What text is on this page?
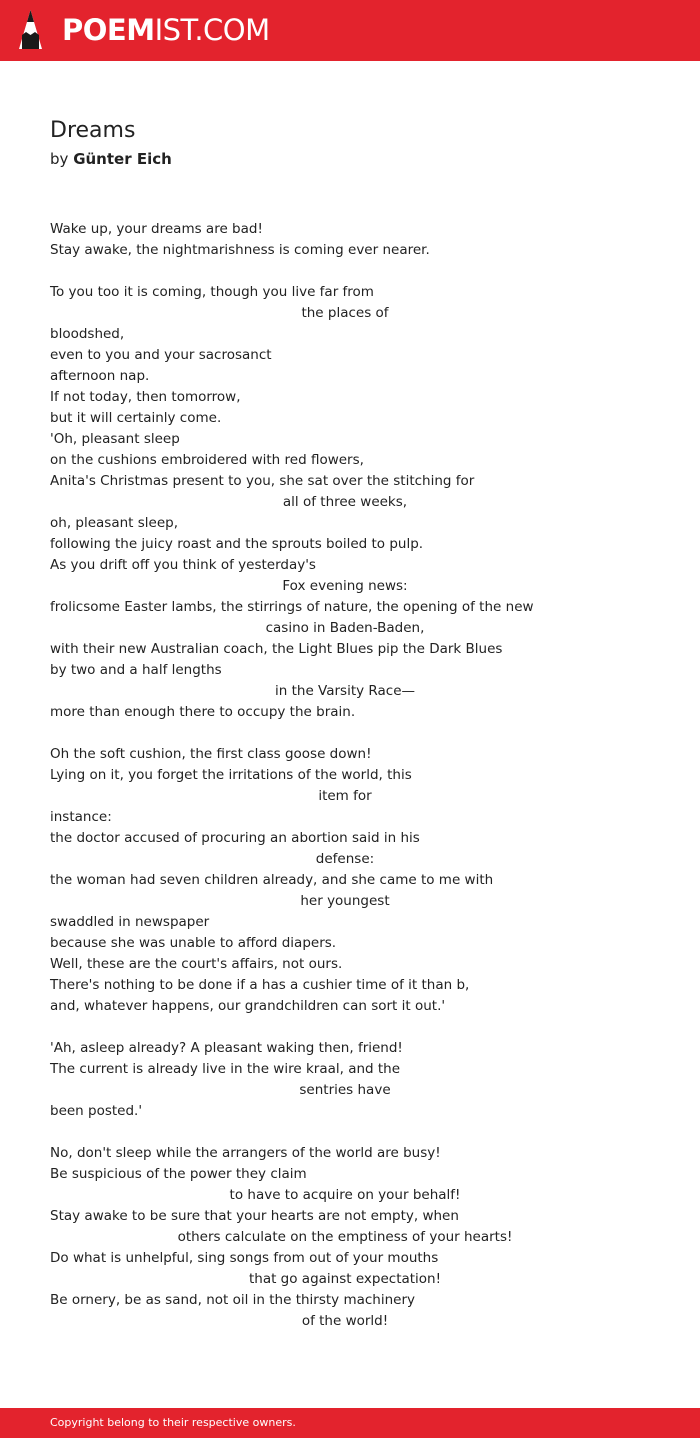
POEMIST.COM
Dreams
by Günter Eich
Wake up, your dreams are bad!
Stay awake, the nightmarishness is coming ever nearer.
To you too it is coming, though you live far from
the places of
bloodshed,
even to you and your sacrosanct
afternoon nap.
If not today, then tomorrow,
but it will certainly come.
'Oh, pleasant sleep
on the cushions embroidered with red flowers,
Anita's Christmas present to you, she sat over the stitching for
all of three weeks,
oh, pleasant sleep,
following the juicy roast and the sprouts boiled to pulp.
As you drift off you think of yesterday's
Fox evening news:
frolicsome Easter lambs, the stirrings of nature, the opening of the new
casino in Baden-Baden,
with their new Australian coach, the Light Blues pip the Dark Blues
by two and a half lengths
in the Varsity Race—
more than enough there to occupy the brain.
Oh the soft cushion, the first class goose down!
Lying on it, you forget the irritations of the world, this
item for
instance:
the doctor accused of procuring an abortion said in his
defense:
the woman had seven children already, and she came to me with
her youngest
swaddled in newspaper
because she was unable to afford diapers.
Well, these are the court's affairs, not ours.
There's nothing to be done if a has a cushier time of it than b,
and, whatever happens, our grandchildren can sort it out.'
'Ah, asleep already? A pleasant waking then, friend!
The current is already live in the wire kraal, and the
sentries have
been posted.'
No, don't sleep while the arrangers of the world are busy!
Be suspicious of the power they claim
to have to acquire on your behalf!
Stay awake to be sure that your hearts are not empty, when
others calculate on the emptiness of your hearts!
Do what is unhelpful, sing songs from out of your mouths
that go against expectation!
Be ornery, be as sand, not oil in the thirsty machinery
of the world!
Copyright belong to their respective owners.
